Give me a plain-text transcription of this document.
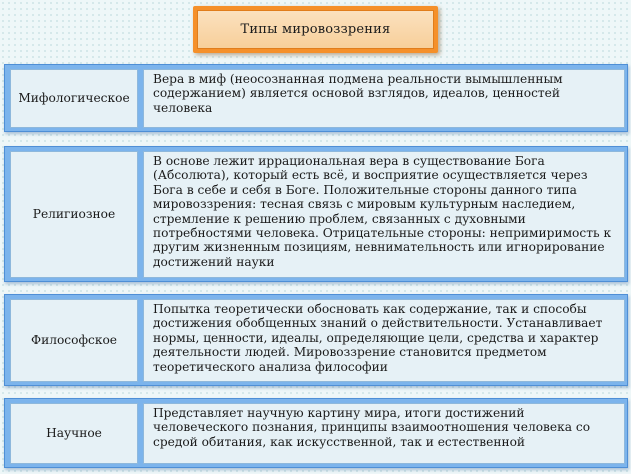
Типы мировоззрения
Мифологическое
Вера в миф (неосознанная подмена реальности вымышленным содержанием) является основой взглядов, идеалов, ценностей человека
Религиозное
В основе лежит иррациональная вера в существование Бога (Абсолюта), который есть всё, и восприятие осуществляется через Бога в себе и себя в Боге. Положительные стороны данного типа мировоззрения: тесная связь с мировым культурным наследием, стремление к решению проблем, связанных с духовными потребностями человека. Отрицательные стороны: непримиримость к другим жизненным позициям, невнимательность или игнорирование достижений науки
Философское
Попытка теоретически обосновать как содержание, так и способы достижения обобщенных знаний о действительности. Устанавливает нормы, ценности, идеалы, определяющие цели, средства и характер деятельности людей. Мировоззрение становится предметом теоретического анализа философии
Научное
Представляет научную картину мира, итоги достижений человеческого познания, принципы взаимоотношения человека со средой обитания, как искусственной, так и естественной
